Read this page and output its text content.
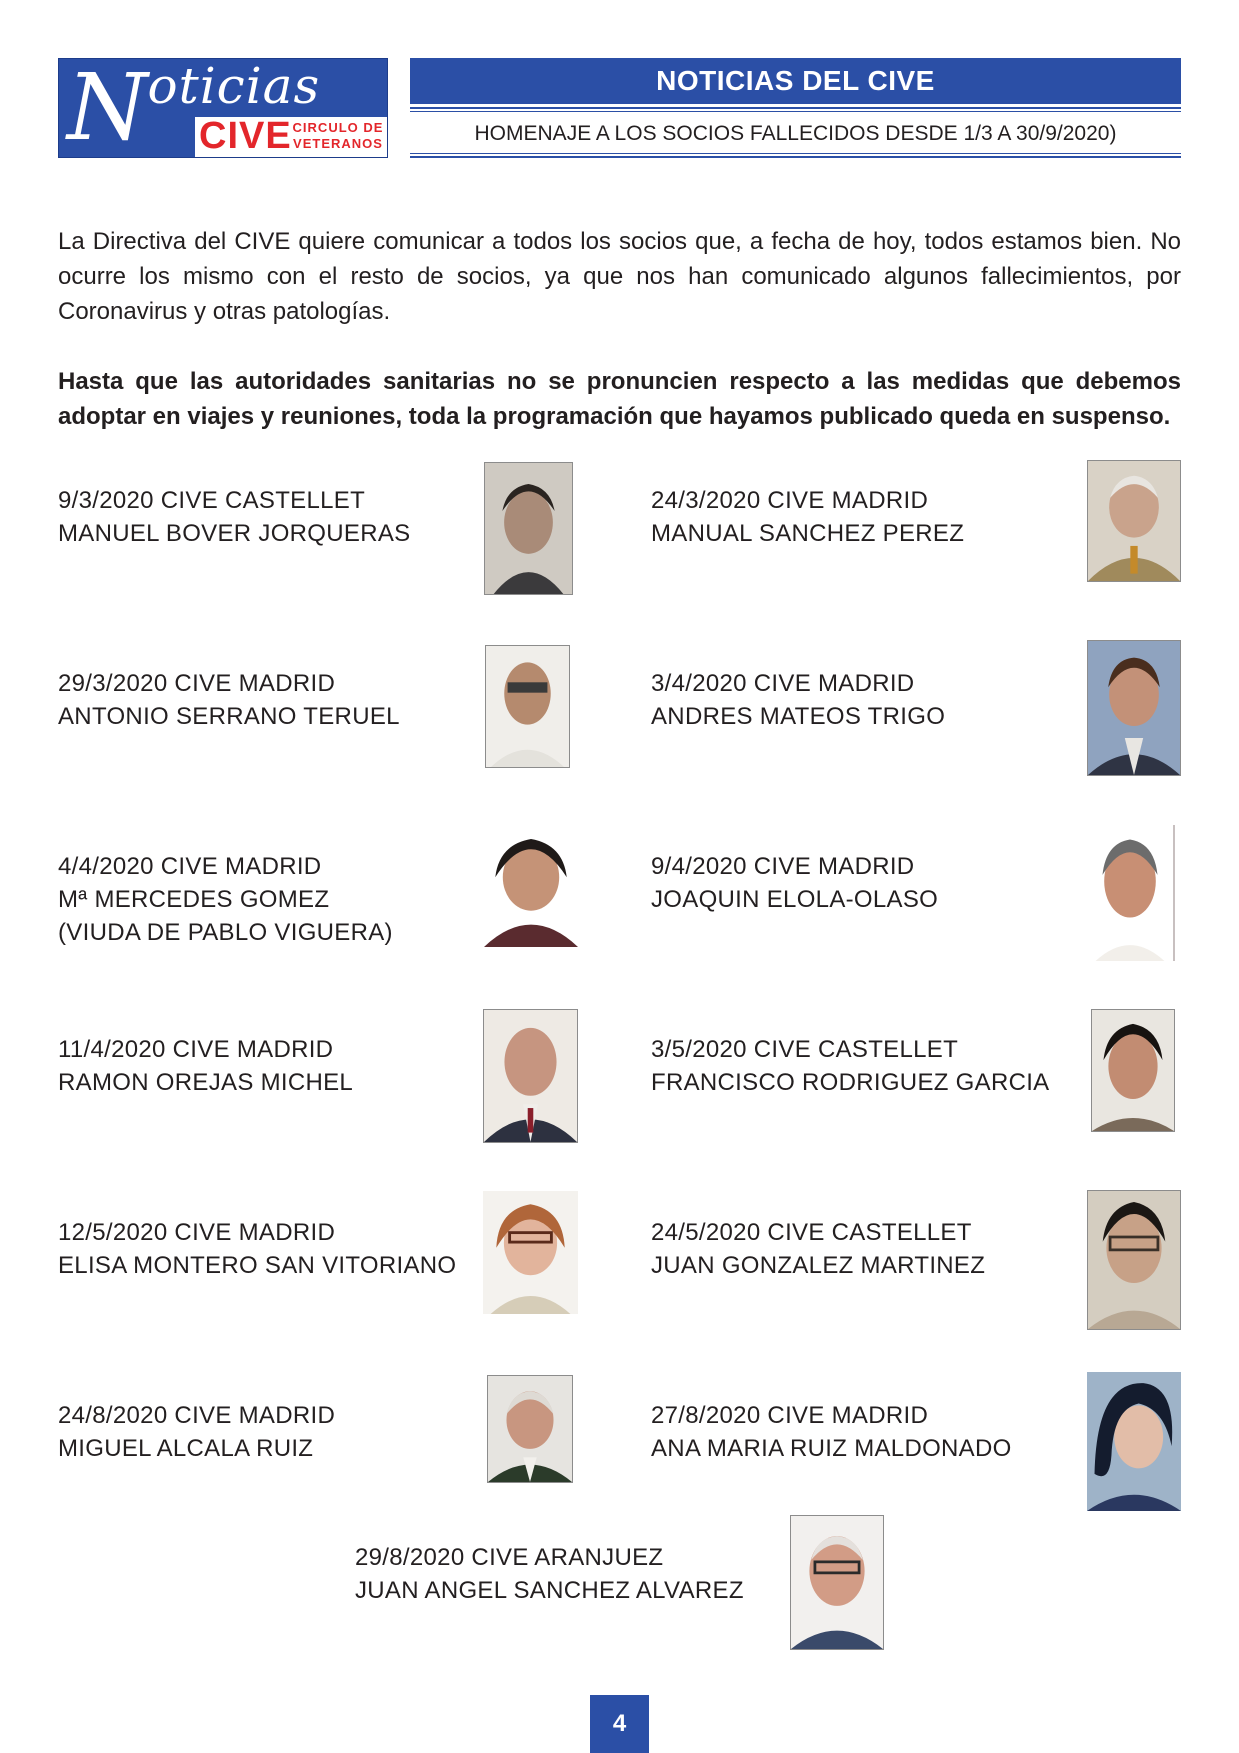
Noticias
CIVE CIRCULO DE
VETERANOS
NOTICIAS DEL CIVE
HOMENAJE A LOS SOCIOS FALLECIDOS DESDE 1/3 A 30/9/2020)

La Directiva del CIVE quiere comunicar a todos los socios que, a fecha de hoy, todos estamos bien. No ocurre los mismo con el resto de socios, ya que nos han comunicado algunos fallecimientos, por Coronavirus y otras patologías.

Hasta que las autoridades sanitarias no se pronuncien respecto a las medidas que debemos adoptar en viajes y reuniones, toda la programación que hayamos publicado queda en suspenso.

9/3/2020 CIVE CASTELLET
MANUEL BOVER JORQUERAS
24/3/2020 CIVE MADRID
MANUAL SANCHEZ PEREZ
29/3/2020 CIVE MADRID
ANTONIO SERRANO TERUEL
3/4/2020 CIVE MADRID
ANDRES MATEOS TRIGO
4/4/2020 CIVE MADRID
Mª MERCEDES GOMEZ
(VIUDA DE PABLO VIGUERA)
9/4/2020 CIVE MADRID
JOAQUIN ELOLA-OLASO
11/4/2020 CIVE MADRID
RAMON OREJAS MICHEL
3/5/2020 CIVE CASTELLET
FRANCISCO RODRIGUEZ GARCIA
12/5/2020 CIVE MADRID
ELISA MONTERO SAN VITORIANO
24/5/2020 CIVE CASTELLET
JUAN GONZALEZ MARTINEZ
24/8/2020 CIVE MADRID
MIGUEL ALCALA RUIZ
27/8/2020 CIVE MADRID
ANA MARIA RUIZ MALDONADO
29/8/2020 CIVE ARANJUEZ
JUAN ANGEL SANCHEZ ALVAREZ
4
